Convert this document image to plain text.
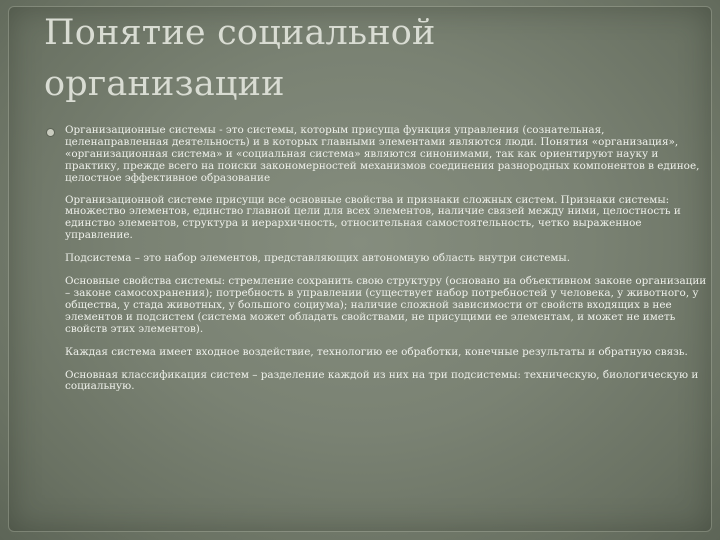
Понятие социальной организации

Организационные системы - это системы, которым присуща функция управления (сознательная, целенаправленная деятельность) и в которых главными элементами являются люди. Понятия «организация», «организационная система» и «социальная система» являются синонимами, так как ориентируют науку и практику, прежде всего на поиски закономерностей механизмов соединения разнородных компонентов в единое, целостное эффективное образование

Организационной системе присущи все основные свойства и признаки сложных систем. Признаки системы: множество элементов, единство главной цели для всех элементов, наличие связей между ними, целостность и единство элементов, структура и иерархичность, относительная самостоятельность, четко выраженное управление.

Подсистема – это набор элементов, представляющих автономную область внутри системы.

Основные свойства системы: стремление сохранить свою структуру (основано на объективном законе организации – законе самосохранения); потребность в управлении (существует набор потребностей у человека, у животного, у общества, у стада животных, у большого социума); наличие сложной зависимости от свойств входящих в нее элементов и подсистем (система может обладать свойствами, не присущими ее элементам, и может не иметь свойств этих элементов).

Каждая система имеет входное воздействие, технологию ее обработки, конечные результаты и обратную связь.

Основная классификация систем – разделение каждой из них на три подсистемы: техническую, биологическую и социальную.
